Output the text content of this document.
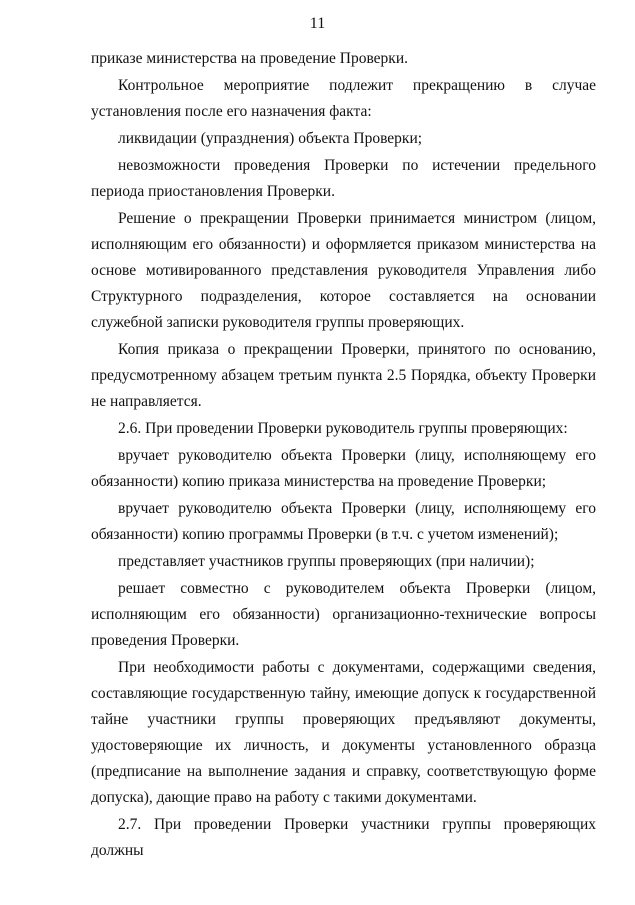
11

приказе министерства на проведение Проверки.

Контрольное мероприятие подлежит прекращению в случае установления после его назначения факта:

ликвидации (упразднения) объекта Проверки;

невозможности проведения Проверки по истечении предельного периода приостановления Проверки.

Решение о прекращении Проверки принимается министром (лицом, исполняющим его обязанности) и оформляется приказом министерства на основе мотивированного представления руководителя Управления либо Структурного подразделения, которое составляется на основании служебной записки руководителя группы проверяющих.

Копия приказа о прекращении Проверки, принятого по основанию, предусмотренному абзацем третьим пункта 2.5 Порядка, объекту Проверки не направляется.

2.6. При проведении Проверки руководитель группы проверяющих:

вручает руководителю объекта Проверки (лицу, исполняющему его обязанности) копию приказа министерства на проведение Проверки;

вручает руководителю объекта Проверки (лицу, исполняющему его обязанности) копию программы Проверки (в т.ч. с учетом изменений);

представляет участников группы проверяющих (при наличии);

решает совместно с руководителем объекта Проверки (лицом, исполняющим его обязанности) организационно-технические вопросы проведения Проверки.

При необходимости работы с документами, содержащими сведения, составляющие государственную тайну, имеющие допуск к государственной тайне участники группы проверяющих предъявляют документы, удостоверяющие их личность, и документы установленного образца (предписание на выполнение задания и справку, соответствующую форме допуска), дающие право на работу с такими документами.

2.7. При проведении Проверки участники группы проверяющих должны
